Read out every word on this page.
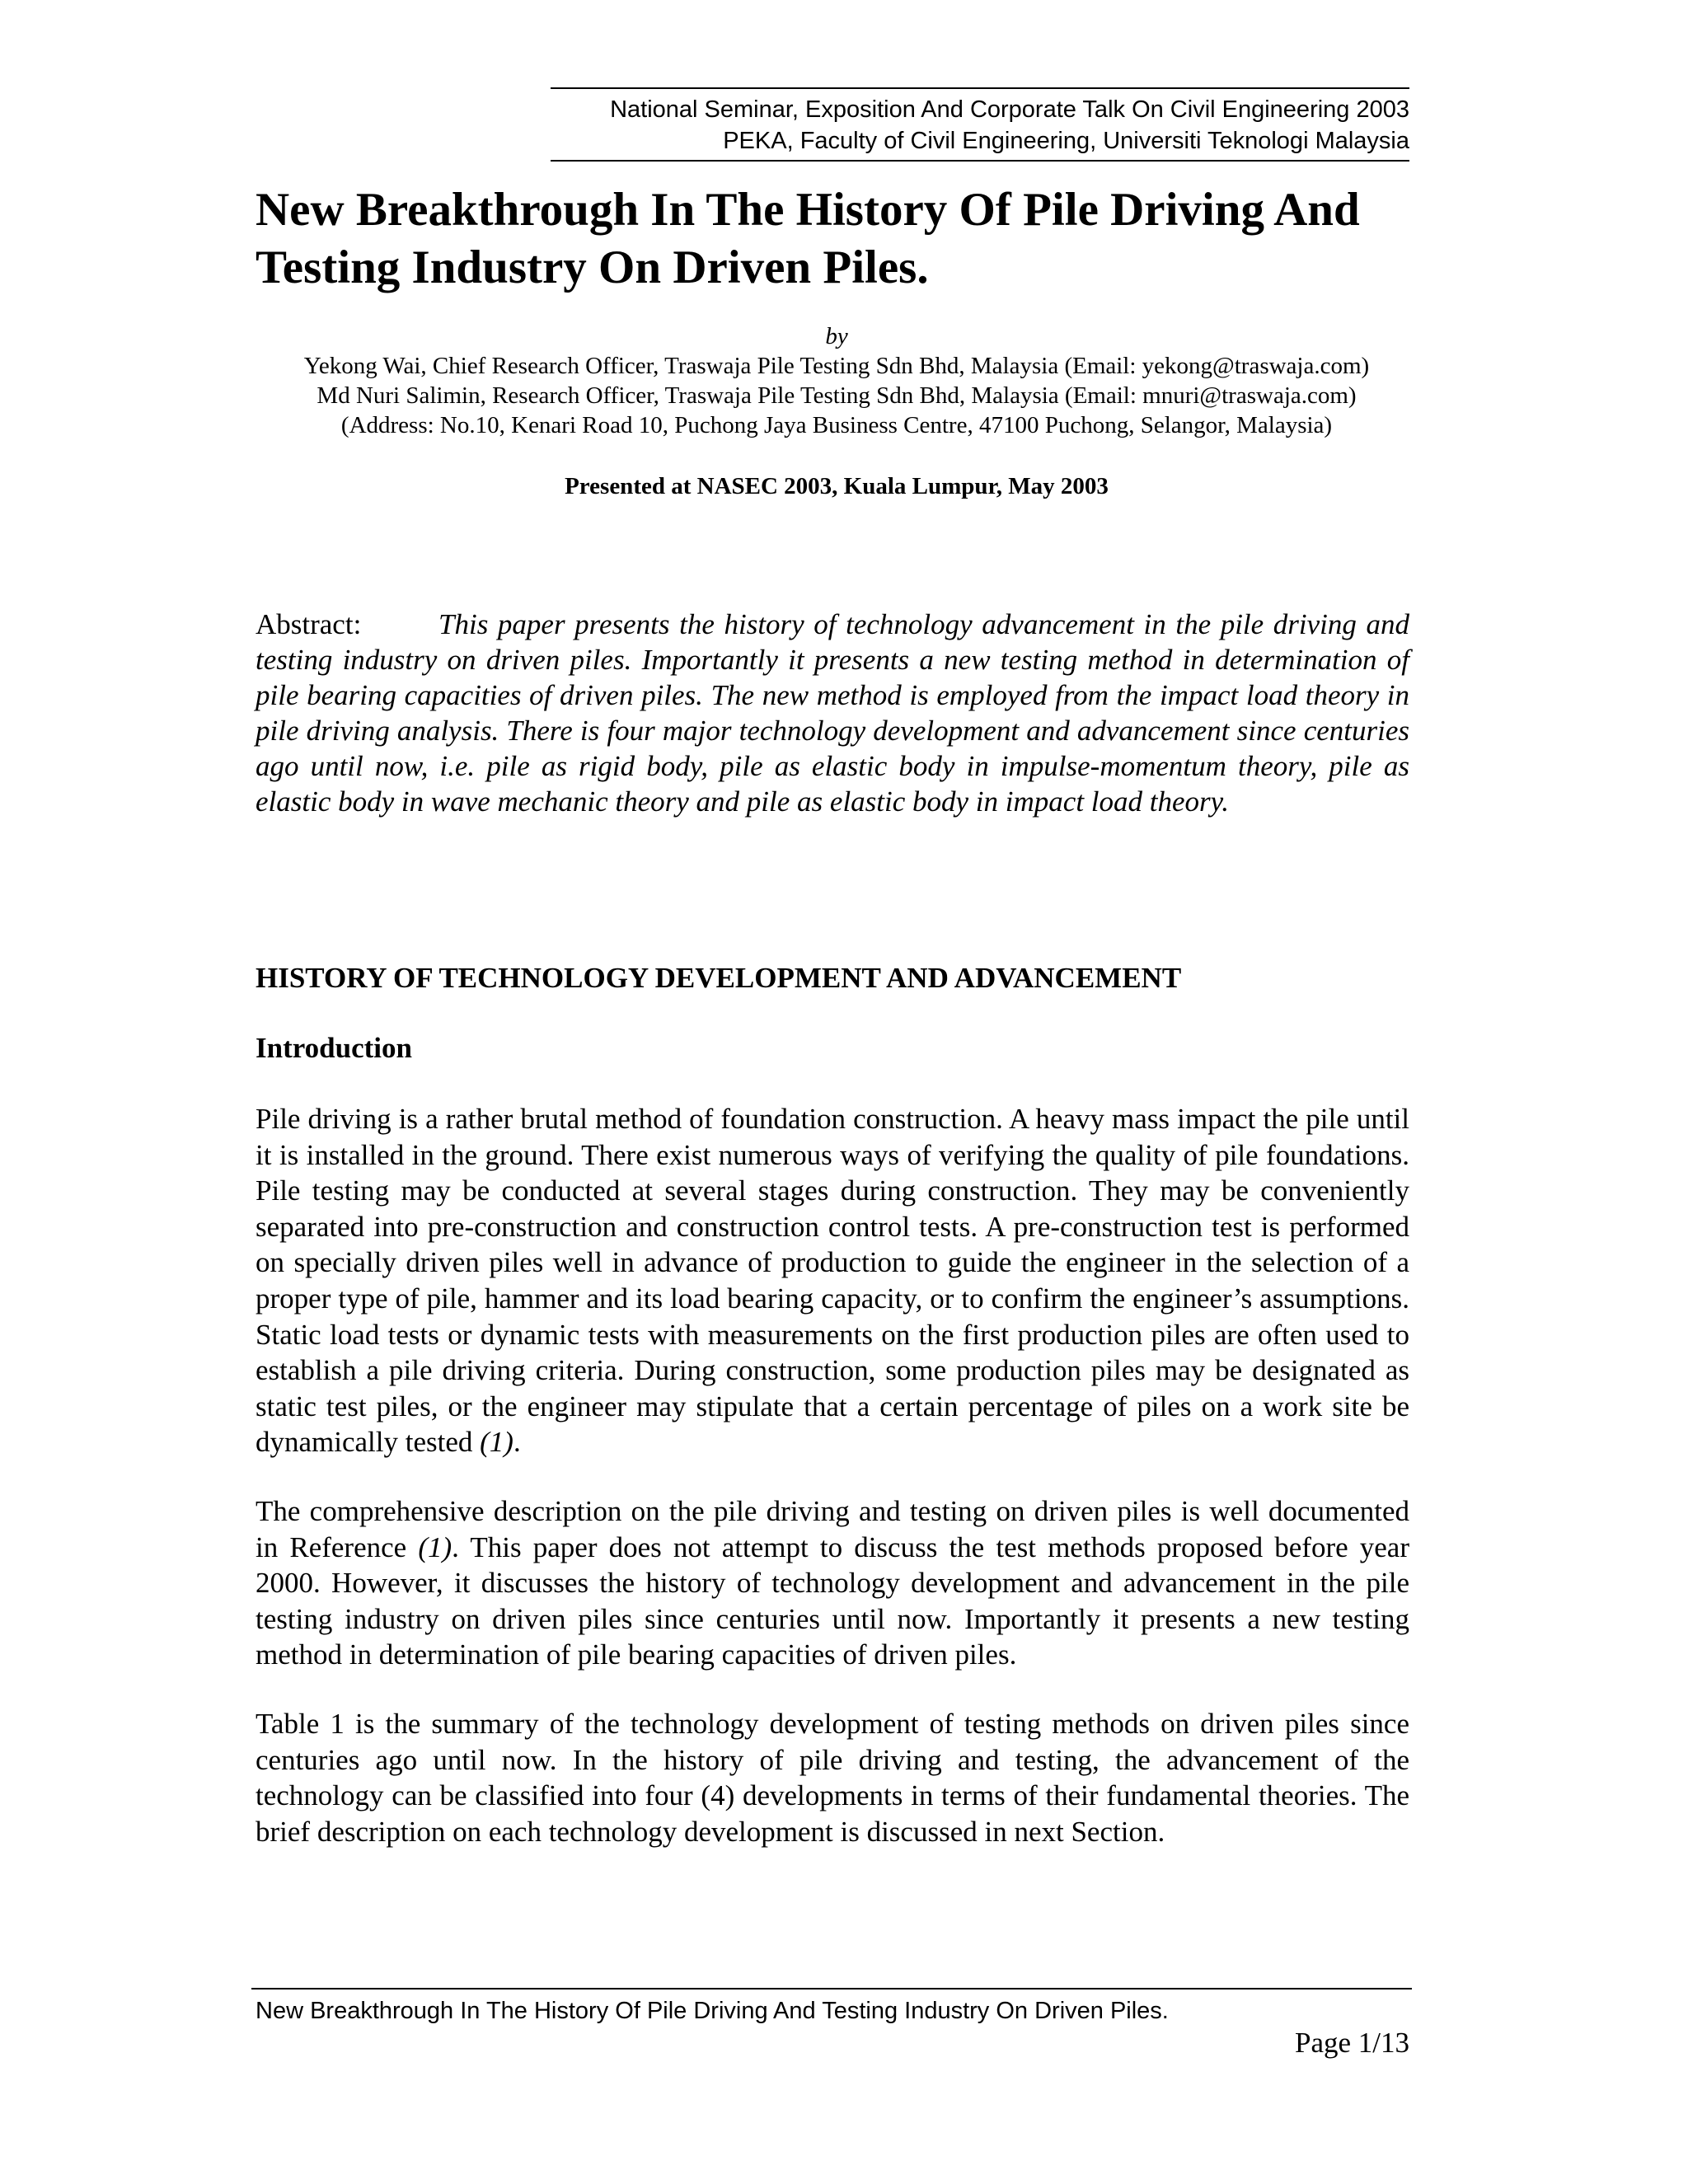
National Seminar, Exposition And Corporate Talk On Civil Engineering 2003
PEKA, Faculty of Civil Engineering, Universiti Teknologi Malaysia
New Breakthrough In The History Of Pile Driving And
Testing Industry On Driven Piles.
by
Yekong Wai, Chief Research Officer, Traswaja Pile Testing Sdn Bhd, Malaysia (Email: yekong@traswaja.com)
Md Nuri Salimin, Research Officer, Traswaja Pile Testing Sdn Bhd, Malaysia (Email: mnuri@traswaja.com)
(Address: No.10, Kenari Road 10, Puchong Jaya Business Centre, 47100 Puchong, Selangor, Malaysia)
Presented at NASEC 2003, Kuala Lumpur, May 2003

Abstract:	This paper presents the history of technology advancement in the pile driving and testing industry on driven piles. Importantly it presents a new testing method in determination of pile bearing capacities of driven piles. The new method is employed from the impact load theory in pile driving analysis. There is four major technology development and advancement since centuries ago until now, i.e. pile as rigid body, pile as elastic body in impulse-momentum theory, pile as elastic body in wave mechanic theory and pile as elastic body in impact load theory.

HISTORY OF TECHNOLOGY DEVELOPMENT AND ADVANCEMENT
Introduction

Pile driving is a rather brutal method of foundation construction. A heavy mass impact the pile until it is installed in the ground. There exist numerous ways of verifying the quality of pile foundations. Pile testing may be conducted at several stages during construction. They may be conveniently separated into pre-construction and construction control tests. A pre-construction test is performed on specially driven piles well in advance of production to guide the engineer in the selection of a proper type of pile, hammer and its load bearing capacity, or to confirm the engineer’s assumptions. Static load tests or dynamic tests with measurements on the first production piles are often used to establish a pile driving criteria. During construction, some production piles may be designated as static test piles, or the engineer may stipulate that a certain percentage of piles on a work site be dynamically tested (1).

The comprehensive description on the pile driving and testing on driven piles is well documented in Reference (1). This paper does not attempt to discuss the test methods proposed before year 2000. However, it discusses the history of technology development and advancement in the pile testing industry on driven piles since centuries until now. Importantly it presents a new testing method in determination of pile bearing capacities of driven piles.

Table 1 is the summary of the technology development of testing methods on driven piles since centuries ago until now. In the history of pile driving and testing, the advancement of the technology can be classified into four (4) developments in terms of their fundamental theories. The brief description on each technology development is discussed in next Section.

New Breakthrough In The History Of Pile Driving And Testing Industry On Driven Piles.
Page 1/13
